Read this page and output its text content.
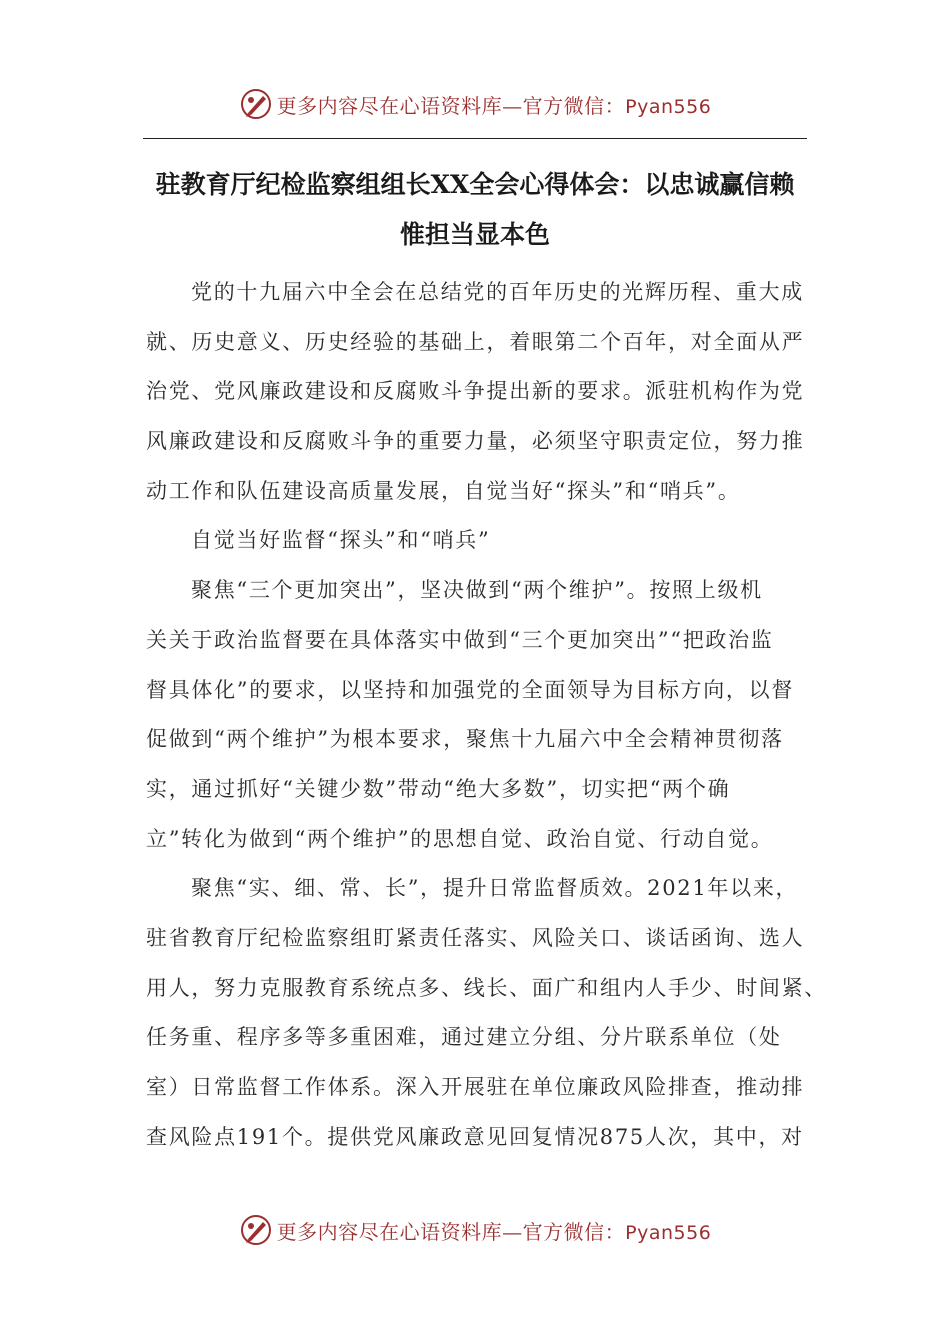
更多内容尽在心语资料库—官方微信：Pyan556
驻教育厅纪检监察组组长XX全会心得体会：以忠诚赢信赖
惟担当显本色
党的十九届六中全会在总结党的百年历史的光辉历程、重大成
就、历史意义、历史经验的基础上，着眼第二个百年，对全面从严
治党、党风廉政建设和反腐败斗争提出新的要求。派驻机构作为党
风廉政建设和反腐败斗争的重要力量，必须坚守职责定位，努力推
动工作和队伍建设高质量发展，自觉当好“探头”和“哨兵”。
自觉当好监督“探头”和“哨兵”
聚焦“三个更加突出”，坚决做到“两个维护”。按照上级机
关关于政治监督要在具体落实中做到“三个更加突出”“把政治监
督具体化”的要求，以坚持和加强党的全面领导为目标方向，以督
促做到“两个维护”为根本要求，聚焦十九届六中全会精神贯彻落
实，通过抓好“关键少数”带动“绝大多数”，切实把“两个确
立”转化为做到“两个维护”的思想自觉、政治自觉、行动自觉。
聚焦“实、细、常、长”，提升日常监督质效。2021年以来，
驻省教育厅纪检监察组盯紧责任落实、风险关口、谈话函询、选人
用人，努力克服教育系统点多、线长、面广和组内人手少、时间紧、
任务重、程序多等多重困难，通过建立分组、分片联系单位（处
室）日常监督工作体系。深入开展驻在单位廉政风险排查，推动排
查风险点191个。提供党风廉政意见回复情况875人次，其中，对
更多内容尽在心语资料库—官方微信：Pyan556
